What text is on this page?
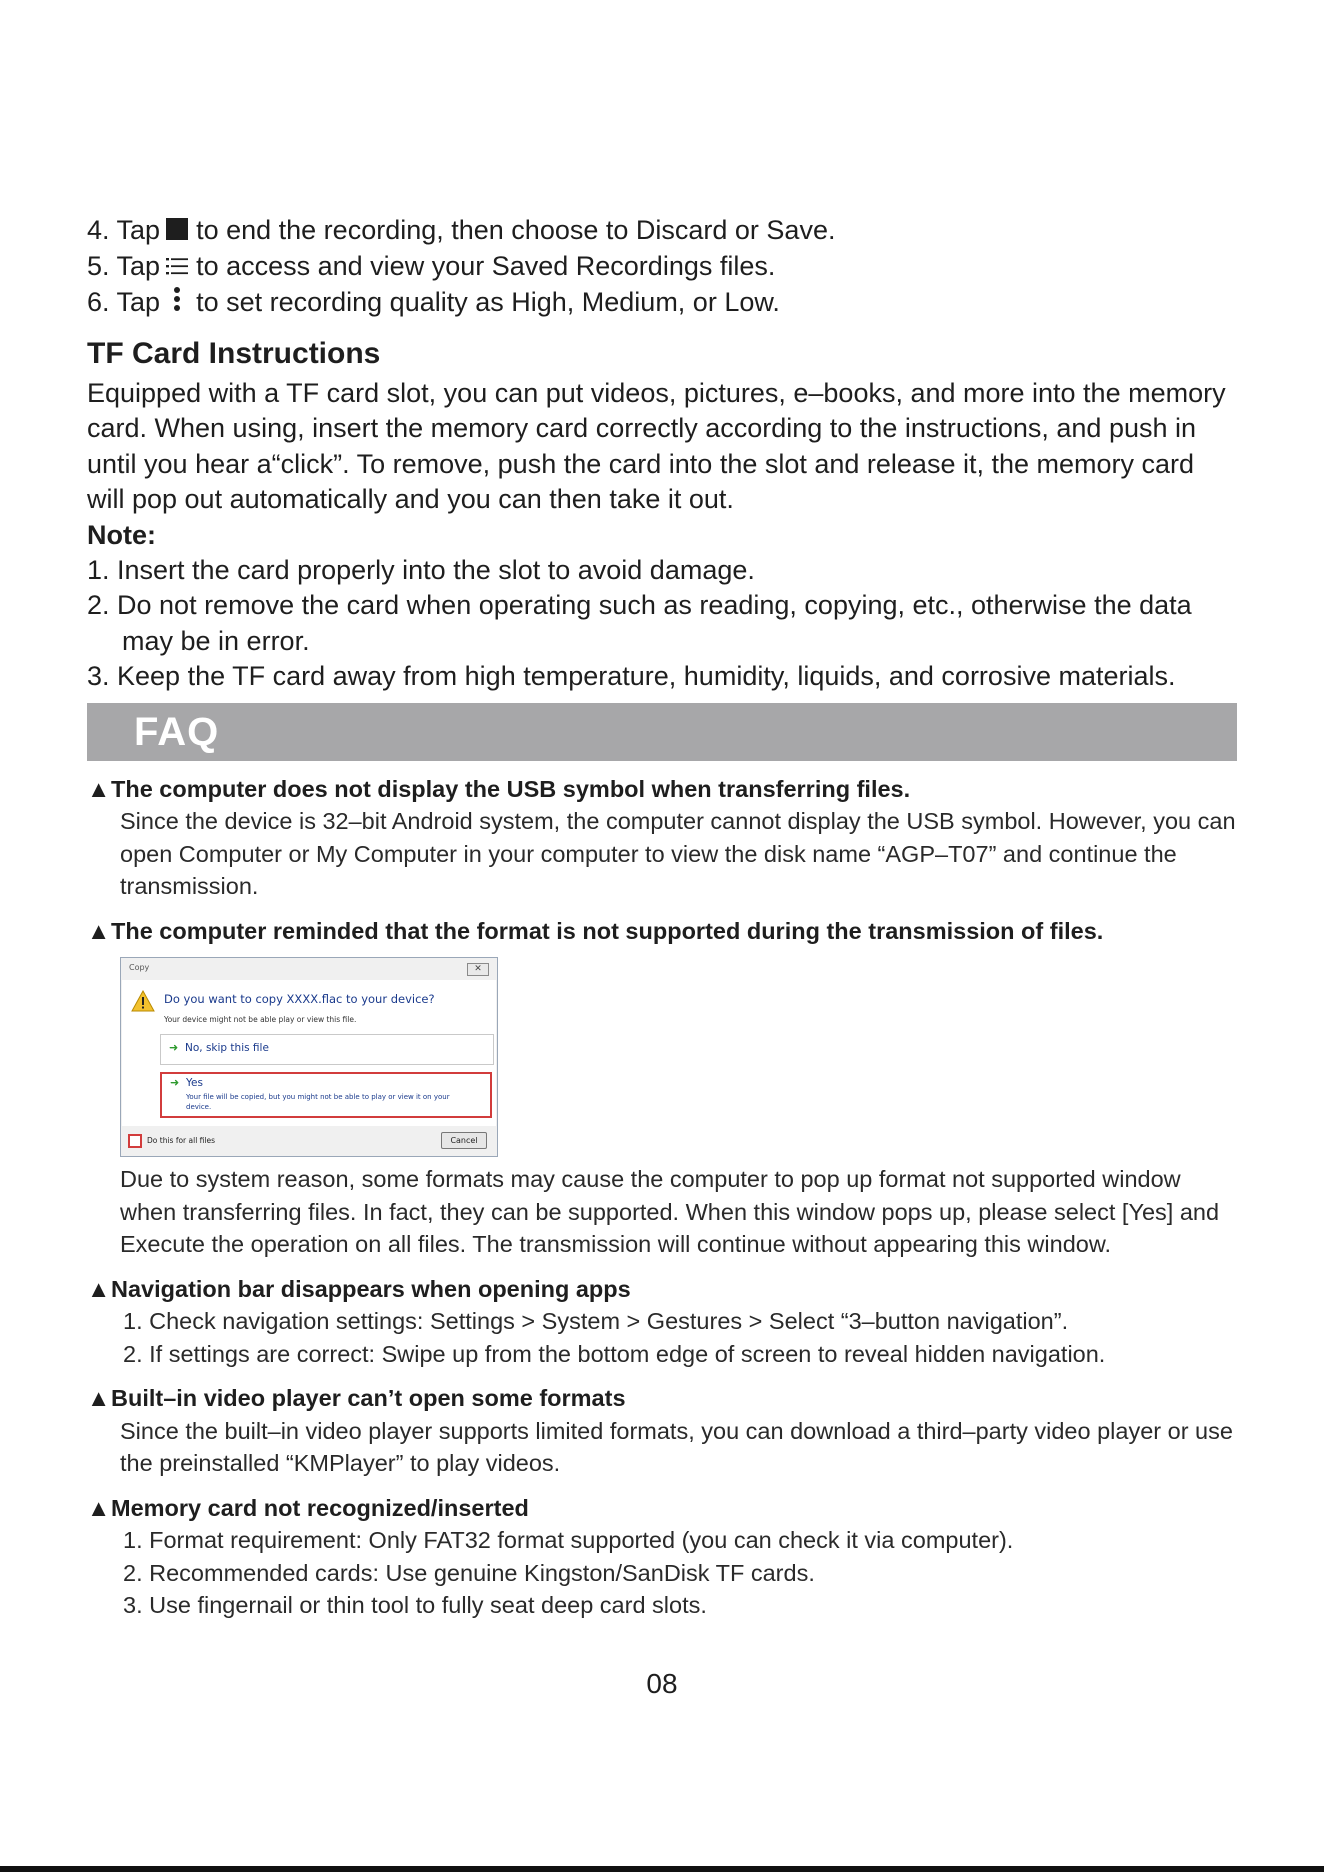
4. Tap to end the recording, then choose to Discard or Save.
5. Tap to access and view your Saved Recordings files.
6. Tap to set recording quality as High, Medium, or Low.
TF Card Instructions
Equipped with a TF card slot, you can put videos, pictures, e–books, and more into the memory card. When using, insert the memory card correctly according to the instructions, and push in until you hear a“click”. To remove, push the card into the slot and release it, the memory card will pop out automatically and you can then take it out.
Note:
1. Insert the card properly into the slot to avoid damage.
2. Do not remove the card when operating such as reading, copying, etc., otherwise the data may be in error.
3. Keep the TF card away from high temperature, humidity, liquids, and corrosive materials.
FAQ
▲The computer does not display the USB symbol when transferring files.
Since the device is 32–bit Android system, the computer cannot display the USB symbol. However, you can open Computer or My Computer in your computer to view the disk name “AGP–T07” and continue the transmission.
▲The computer reminded that the format is not supported during the transmission of files.
Copy	✕
Do you want to copy XXXX.flac to your device?
Your device might not be able play or view this file.
➜ No, skip this file
➜ Yes
Your file will be copied, but you might not be able to play or view it on your device.
Do this for all files	Cancel
Due to system reason, some formats may cause the computer to pop up format not supported window when transferring files. In fact, they can be supported. When this window pops up, please select [Yes] and Execute the operation on all files. The transmission will continue without appearing this window.
▲Navigation bar disappears when opening apps
1. Check navigation settings: Settings > System > Gestures > Select “3–button navigation”.
2. If settings are correct: Swipe up from the bottom edge of screen to reveal hidden navigation.
▲Built–in video player can’t open some formats
Since the built–in video player supports limited formats, you can download a third–party video player or use the preinstalled “KMPlayer” to play videos.
▲Memory card not recognized/inserted
1. Format requirement: Only FAT32 format supported (you can check it via computer).
2. Recommended cards: Use genuine Kingston/SanDisk TF cards.
3. Use fingernail or thin tool to fully seat deep card slots.
08
